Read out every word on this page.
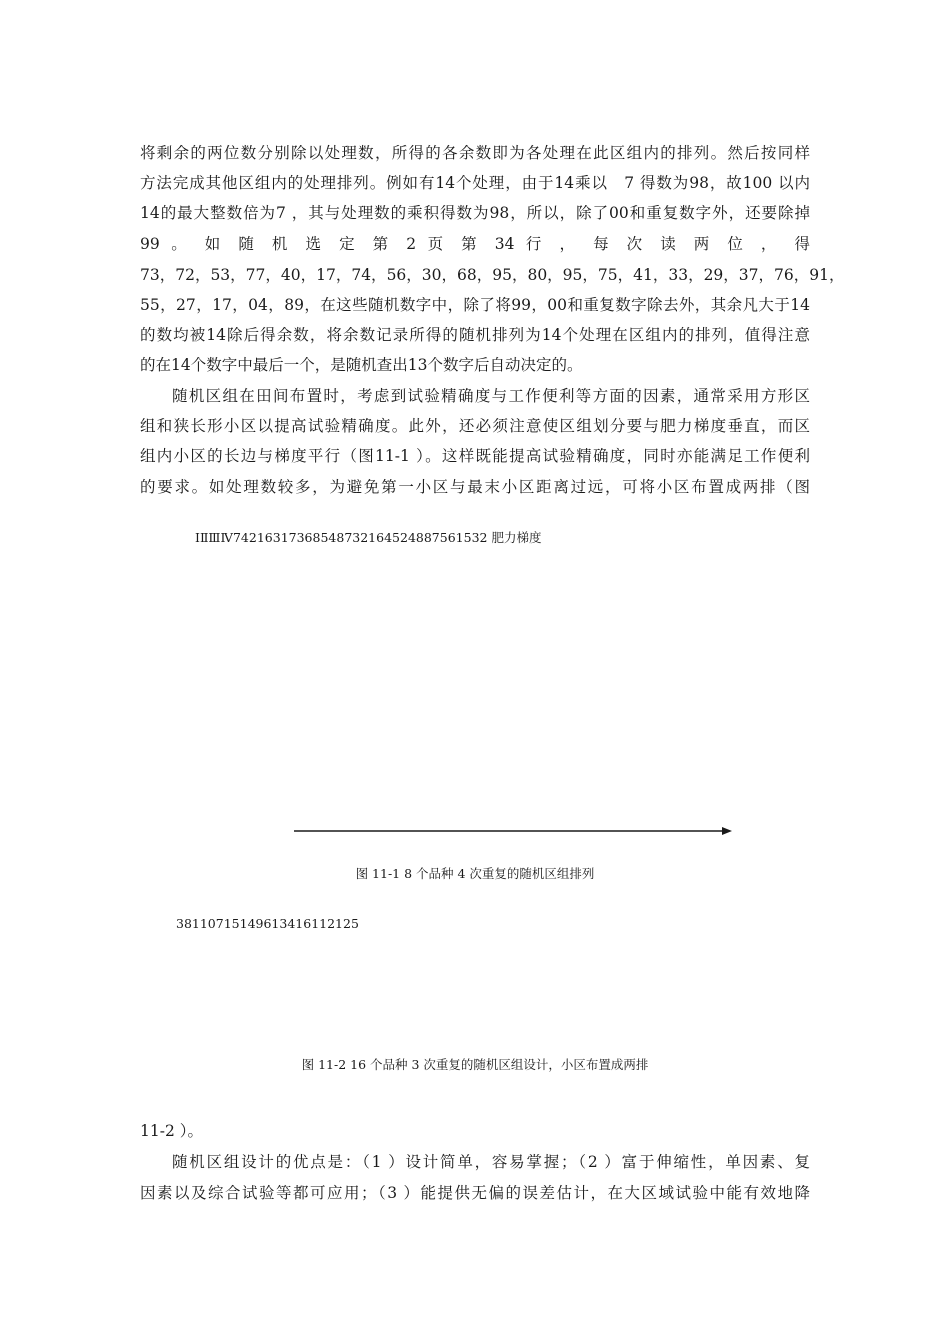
将剩余的两位数分别除以处理数，所得的各余数即为各处理在此区组内的排列。然后按同样
方法完成其他区组内的处理排列。例如有14个处理，由于14乘以　7 得数为98，故100 以内
14的最大整数倍为7 ，其与处理数的乘积得数为98，所以，除了00和重复数字外，还要除掉
99 。 如 随 机 选 定 第 2 页 第 34 行 ， 每 次 读 两 位 ， 得
73，72，53，77，40，17，74，56，30，68，95，80，95，75，41，33，29，37，76，91，
55，27，17，04，89，在这些随机数字中，除了将99，00和重复数字除去外，其余凡大于14
的数均被14除后得余数，将余数记录所得的随机排列为14个处理在区组内的排列，值得注意
的在14个数字中最后一个，是随机查出13个数字后自动决定的。
随机区组在田间布置时，考虑到试验精确度与工作便利等方面的因素，通常采用方形区
组和狭长形小区以提高试验精确度。此外，还必须注意使区组划分要与肥力梯度垂直，而区
组内小区的长边与梯度平行（图11-1 ）。这样既能提高试验精确度，同时亦能满足工作便利
的要求。如处理数较多，为避免第一小区与最末小区距离过远，可将小区布置成两排（图
ⅠⅡⅢⅣ74216317368548732164524887561532 肥力梯度
图 11-1 8 个品种 4 次重复的随机区组排列
38110715149613416112125
图 11-2 16 个品种 3 次重复的随机区组设计，小区布置成两排
11-2 ）。
随机区组设计的优点是：（1 ）设计简单，容易掌握；（2 ）富于伸缩性，单因素、复
因素以及综合试验等都可应用；（3 ）能提供无偏的误差估计，在大区域试验中能有效地降
